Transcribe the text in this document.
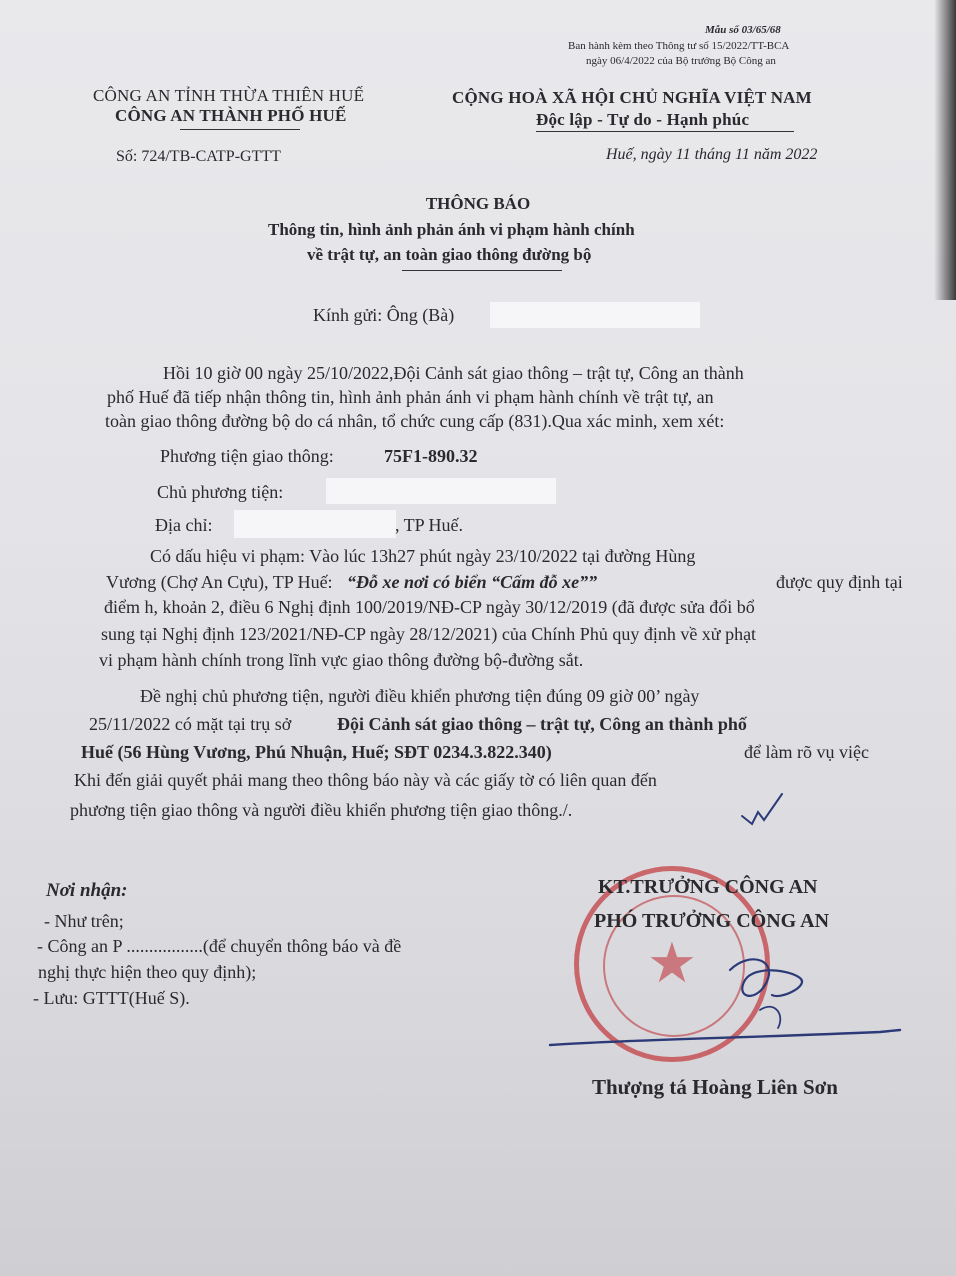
Mẫu số 03/65/68
Ban hành kèm theo Thông tư số 15/2022/TT-BCA
ngày 06/4/2022 của Bộ trưởng Bộ Công an
CÔNG AN TỈNH THỪA THIÊN HUẾ
CÔNG AN THÀNH PHỐ HUẾ
Số: 724/TB-CATP-GTTT
CỘNG HOÀ XÃ HỘI CHỦ NGHĨA VIỆT NAM
Độc lập - Tự do - Hạnh phúc
Huế, ngày 11 tháng 11 năm 2022
THÔNG BÁO
Thông tin, hình ảnh phản ánh vi phạm hành chính
về trật tự, an toàn giao thông đường bộ
Kính gửi: Ông (Bà)
Hồi 10 giờ 00 ngày 25/10/2022,Đội Cảnh sát giao thông – trật tự, Công an thành
phố Huế đã tiếp nhận thông tin, hình ảnh phản ánh vi phạm hành chính về trật tự, an
toàn giao thông đường bộ do cá nhân, tổ chức cung cấp (831).Qua xác minh, xem xét:
Phương tiện giao thông:	75F1-890.32
Chủ phương tiện:
Địa chỉ:	, TP Huế.
Có dấu hiệu vi phạm: Vào lúc 13h27 phút ngày 23/10/2022 tại đường Hùng
Vương (Chợ An Cựu), TP Huế: “Đỗ xe nơi có biển “Cấm đỗ xe””	được quy định tại
điểm h, khoản 2, điều 6 Nghị định 100/2019/NĐ-CP ngày 30/12/2019 (đã được sửa đổi bổ
sung tại Nghị định 123/2021/NĐ-CP ngày 28/12/2021) của Chính Phủ quy định về xử phạt
vi phạm hành chính trong lĩnh vực giao thông đường bộ-đường sắt.
Đề nghị chủ phương tiện, người điều khiển phương tiện đúng 09 giờ 00’ ngày
25/11/2022 có mặt tại trụ sở	Đội Cảnh sát giao thông – trật tự, Công an thành phố
Huế (56 Hùng Vương, Phú Nhuận, Huế; SĐT 0234.3.822.340)	để làm rõ vụ việc
Khi đến giải quyết phải mang theo thông báo này và các giấy tờ có liên quan đến
phương tiện giao thông và người điều khiển phương tiện giao thông./.
Nơi nhận:
- Như trên;
- Công an P .................(để chuyển thông báo và đề
nghị thực hiện theo quy định);
- Lưu: GTTT(Huế S).
★
KT.TRƯỞNG CÔNG AN
PHÓ TRƯỞNG CÔNG AN
Thượng tá Hoàng Liên Sơn
